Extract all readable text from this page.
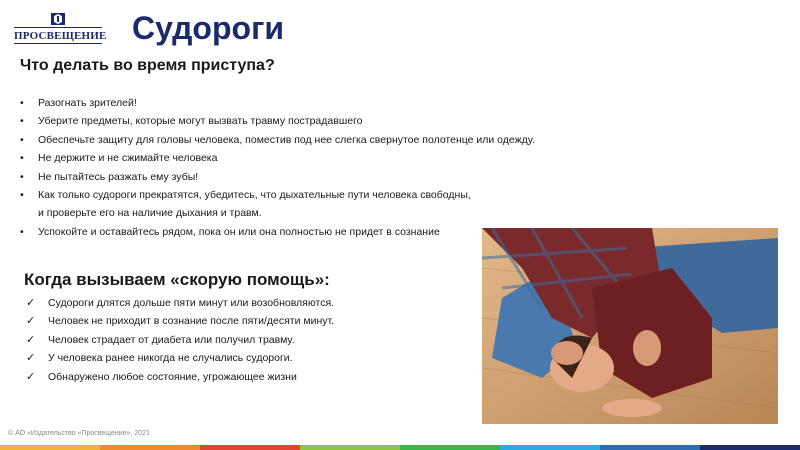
ПРОСВЕЩЕНИЕ Судороги
Что делать во время приступа?
• Разогнать зрителей!
• Уберите предметы, которые могут вызвать травму пострадавшего
• Обеспечьте защиту для головы человека, поместив под нее слегка свернутое полотенце или одежду.
• Не держите и не сжимайте человека
• Не пытайтесь разжать ему зубы!
• Как только судороги прекратятся, убедитесь, что дыхательные пути человека свободны,
и проверьте его на наличие дыхания и травм.
• Успокойте и оставайтесь рядом, пока он или она полностью не придет в сознание
Когда вызываем «скорую помощь»:
✓ Судороги длятся дольше пяти минут или возобновляются.
✓ Человек не приходит в сознание после пяти/десяти минут.
✓ Человек страдает от диабета или получил травму.
✓ У человека ранее никогда не случались судороги.
✓ Обнаружено любое состояние, угрожающее жизни
© АО «Издательство «Просвещение», 2021
